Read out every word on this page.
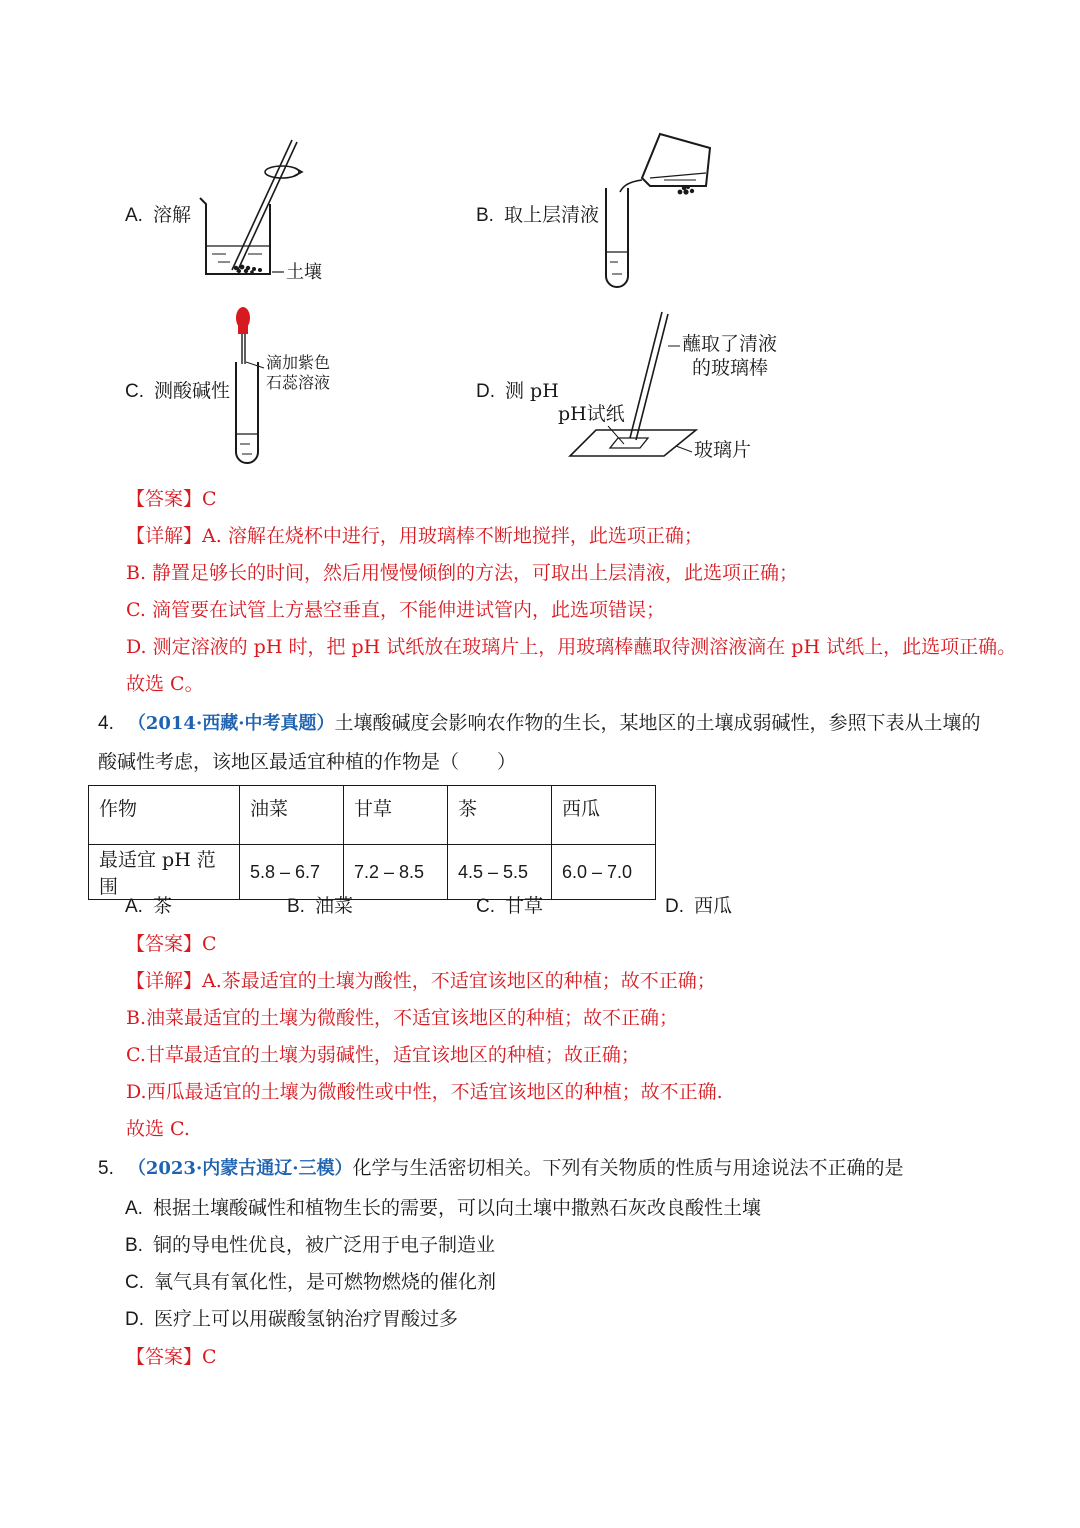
土壤
滴加紫色
石蕊溶液
蘸取了清液
的玻璃棒
pH试纸
玻璃片
A. 溶解	B. 取上层清液
C. 测酸碱性	D. 测 pH
【答案】C
【详解】A. 溶解在烧杯中进行，用玻璃棒不断地搅拌，此选项正确；
B. 静置足够长的时间，然后用慢慢倾倒的方法，可取出上层清液，此选项正确；
C. 滴管要在试管上方悬空垂直，不能伸进试管内，此选项错误；
D. 测定溶液的 pH 时，把 pH 试纸放在玻璃片上，用玻璃棒蘸取待测溶液滴在 pH 试纸上，此选项正确。
故选 C。
4. （2014·西藏·中考真题）土壤酸碱度会影响农作物的生长，某地区的土壤成弱碱性，参照下表从土壤的
酸碱性考虑，该地区最适宜种植的作物是（　　）
作物	油菜	甘草	茶	西瓜
最适宜 pH 范围	5.8 – 6.7	7.2 – 8.5	4.5 – 5.5	6.0 – 7.0
A. 茶	B. 油菜	C. 甘草	D. 西瓜
【答案】C
【详解】A.茶最适宜的土壤为酸性，不适宜该地区的种植；故不正确；
B.油菜最适宜的土壤为微酸性，不适宜该地区的种植；故不正确；
C.甘草最适宜的土壤为弱碱性，适宜该地区的种植；故正确；
D.西瓜最适宜的土壤为微酸性或中性，不适宜该地区的种植；故不正确.
故选 C.
5. （2023·内蒙古通辽·三模）化学与生活密切相关。下列有关物质的性质与用途说法不正确的是
A. 根据土壤酸碱性和植物生长的需要，可以向土壤中撒熟石灰改良酸性土壤
B. 铜的导电性优良，被广泛用于电子制造业
C. 氧气具有氧化性，是可燃物燃烧的催化剂
D. 医疗上可以用碳酸氢钠治疗胃酸过多
【答案】C
